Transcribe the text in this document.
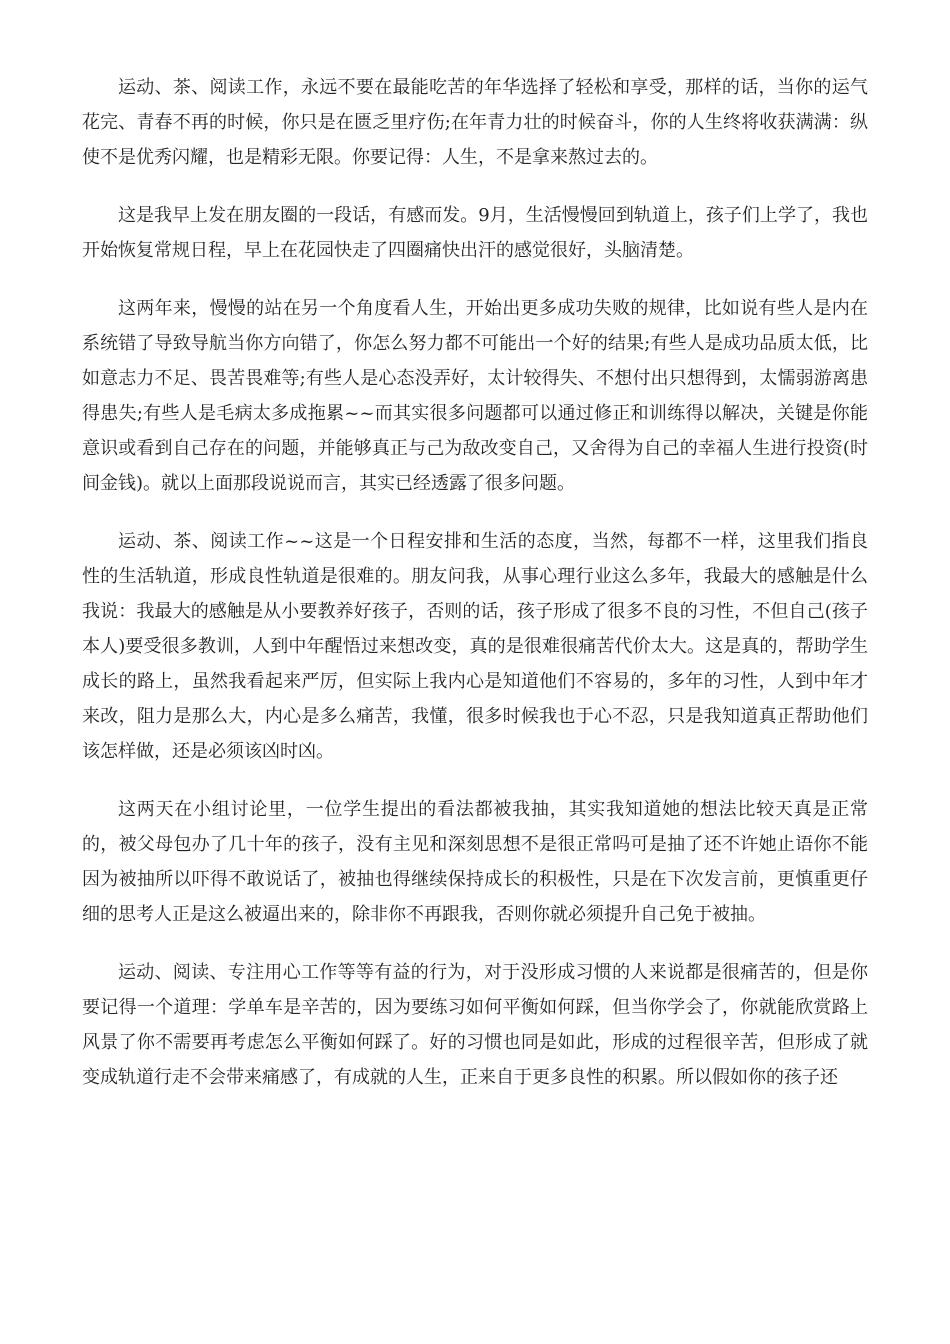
运动、茶、阅读工作，永远不要在最能吃苦的年华选择了轻松和享受，那样的话，当你的运气花完、青春不再的时候，你只是在匮乏里疗伤;在年青力壮的时候奋斗，你的人生终将收获满满：纵使不是优秀闪耀，也是精彩无限。你要记得：人生，不是拿来熬过去的。

这是我早上发在朋友圈的一段话，有感而发。9月，生活慢慢回到轨道上，孩子们上学了，我也开始恢复常规日程，早上在花园快走了四圈痛快出汗的感觉很好，头脑清楚。

这两年来，慢慢的站在另一个角度看人生，开始出更多成功失败的规律，比如说有些人是内在系统错了导致导航当你方向错了，你怎么努力都不可能出一个好的结果;有些人是成功品质太低，比如意志力不足、畏苦畏难等;有些人是心态没弄好，太计较得失、不想付出只想得到，太懦弱游离患得患失;有些人是毛病太多成拖累~~而其实很多问题都可以通过修正和训练得以解决，关键是你能意识或看到自己存在的问题，并能够真正与己为敌改变自己，又舍得为自己的幸福人生进行投资(时间金钱)。就以上面那段说说而言，其实已经透露了很多问题。

运动、茶、阅读工作~~这是一个日程安排和生活的态度，当然，每都不一样，这里我们指良性的生活轨道，形成良性轨道是很难的。朋友问我，从事心理行业这么多年，我最大的感触是什么我说：我最大的感触是从小要教养好孩子，否则的话，孩子形成了很多不良的习性，不但自己(孩子本人)要受很多教训，人到中年醒悟过来想改变，真的是很难很痛苦代价太大。这是真的，帮助学生成长的路上，虽然我看起来严厉，但实际上我内心是知道他们不容易的，多年的习性，人到中年才来改，阻力是那么大，内心是多么痛苦，我懂，很多时候我也于心不忍，只是我知道真正帮助他们该怎样做，还是必须该凶时凶。

这两天在小组讨论里，一位学生提出的看法都被我抽，其实我知道她的想法比较天真是正常的，被父母包办了几十年的孩子，没有主见和深刻思想不是很正常吗可是抽了还不许她止语你不能因为被抽所以吓得不敢说话了，被抽也得继续保持成长的积极性，只是在下次发言前，更慎重更仔细的思考人正是这么被逼出来的，除非你不再跟我，否则你就必须提升自己免于被抽。

运动、阅读、专注用心工作等等有益的行为，对于没形成习惯的人来说都是很痛苦的，但是你要记得一个道理：学单车是辛苦的，因为要练习如何平衡如何踩，但当你学会了，你就能欣赏路上风景了你不需要再考虑怎么平衡如何踩了。好的习惯也同是如此，形成的过程很辛苦，但形成了就变成轨道行走不会带来痛感了，有成就的人生，正来自于更多良性的积累。所以假如你的孩子还
